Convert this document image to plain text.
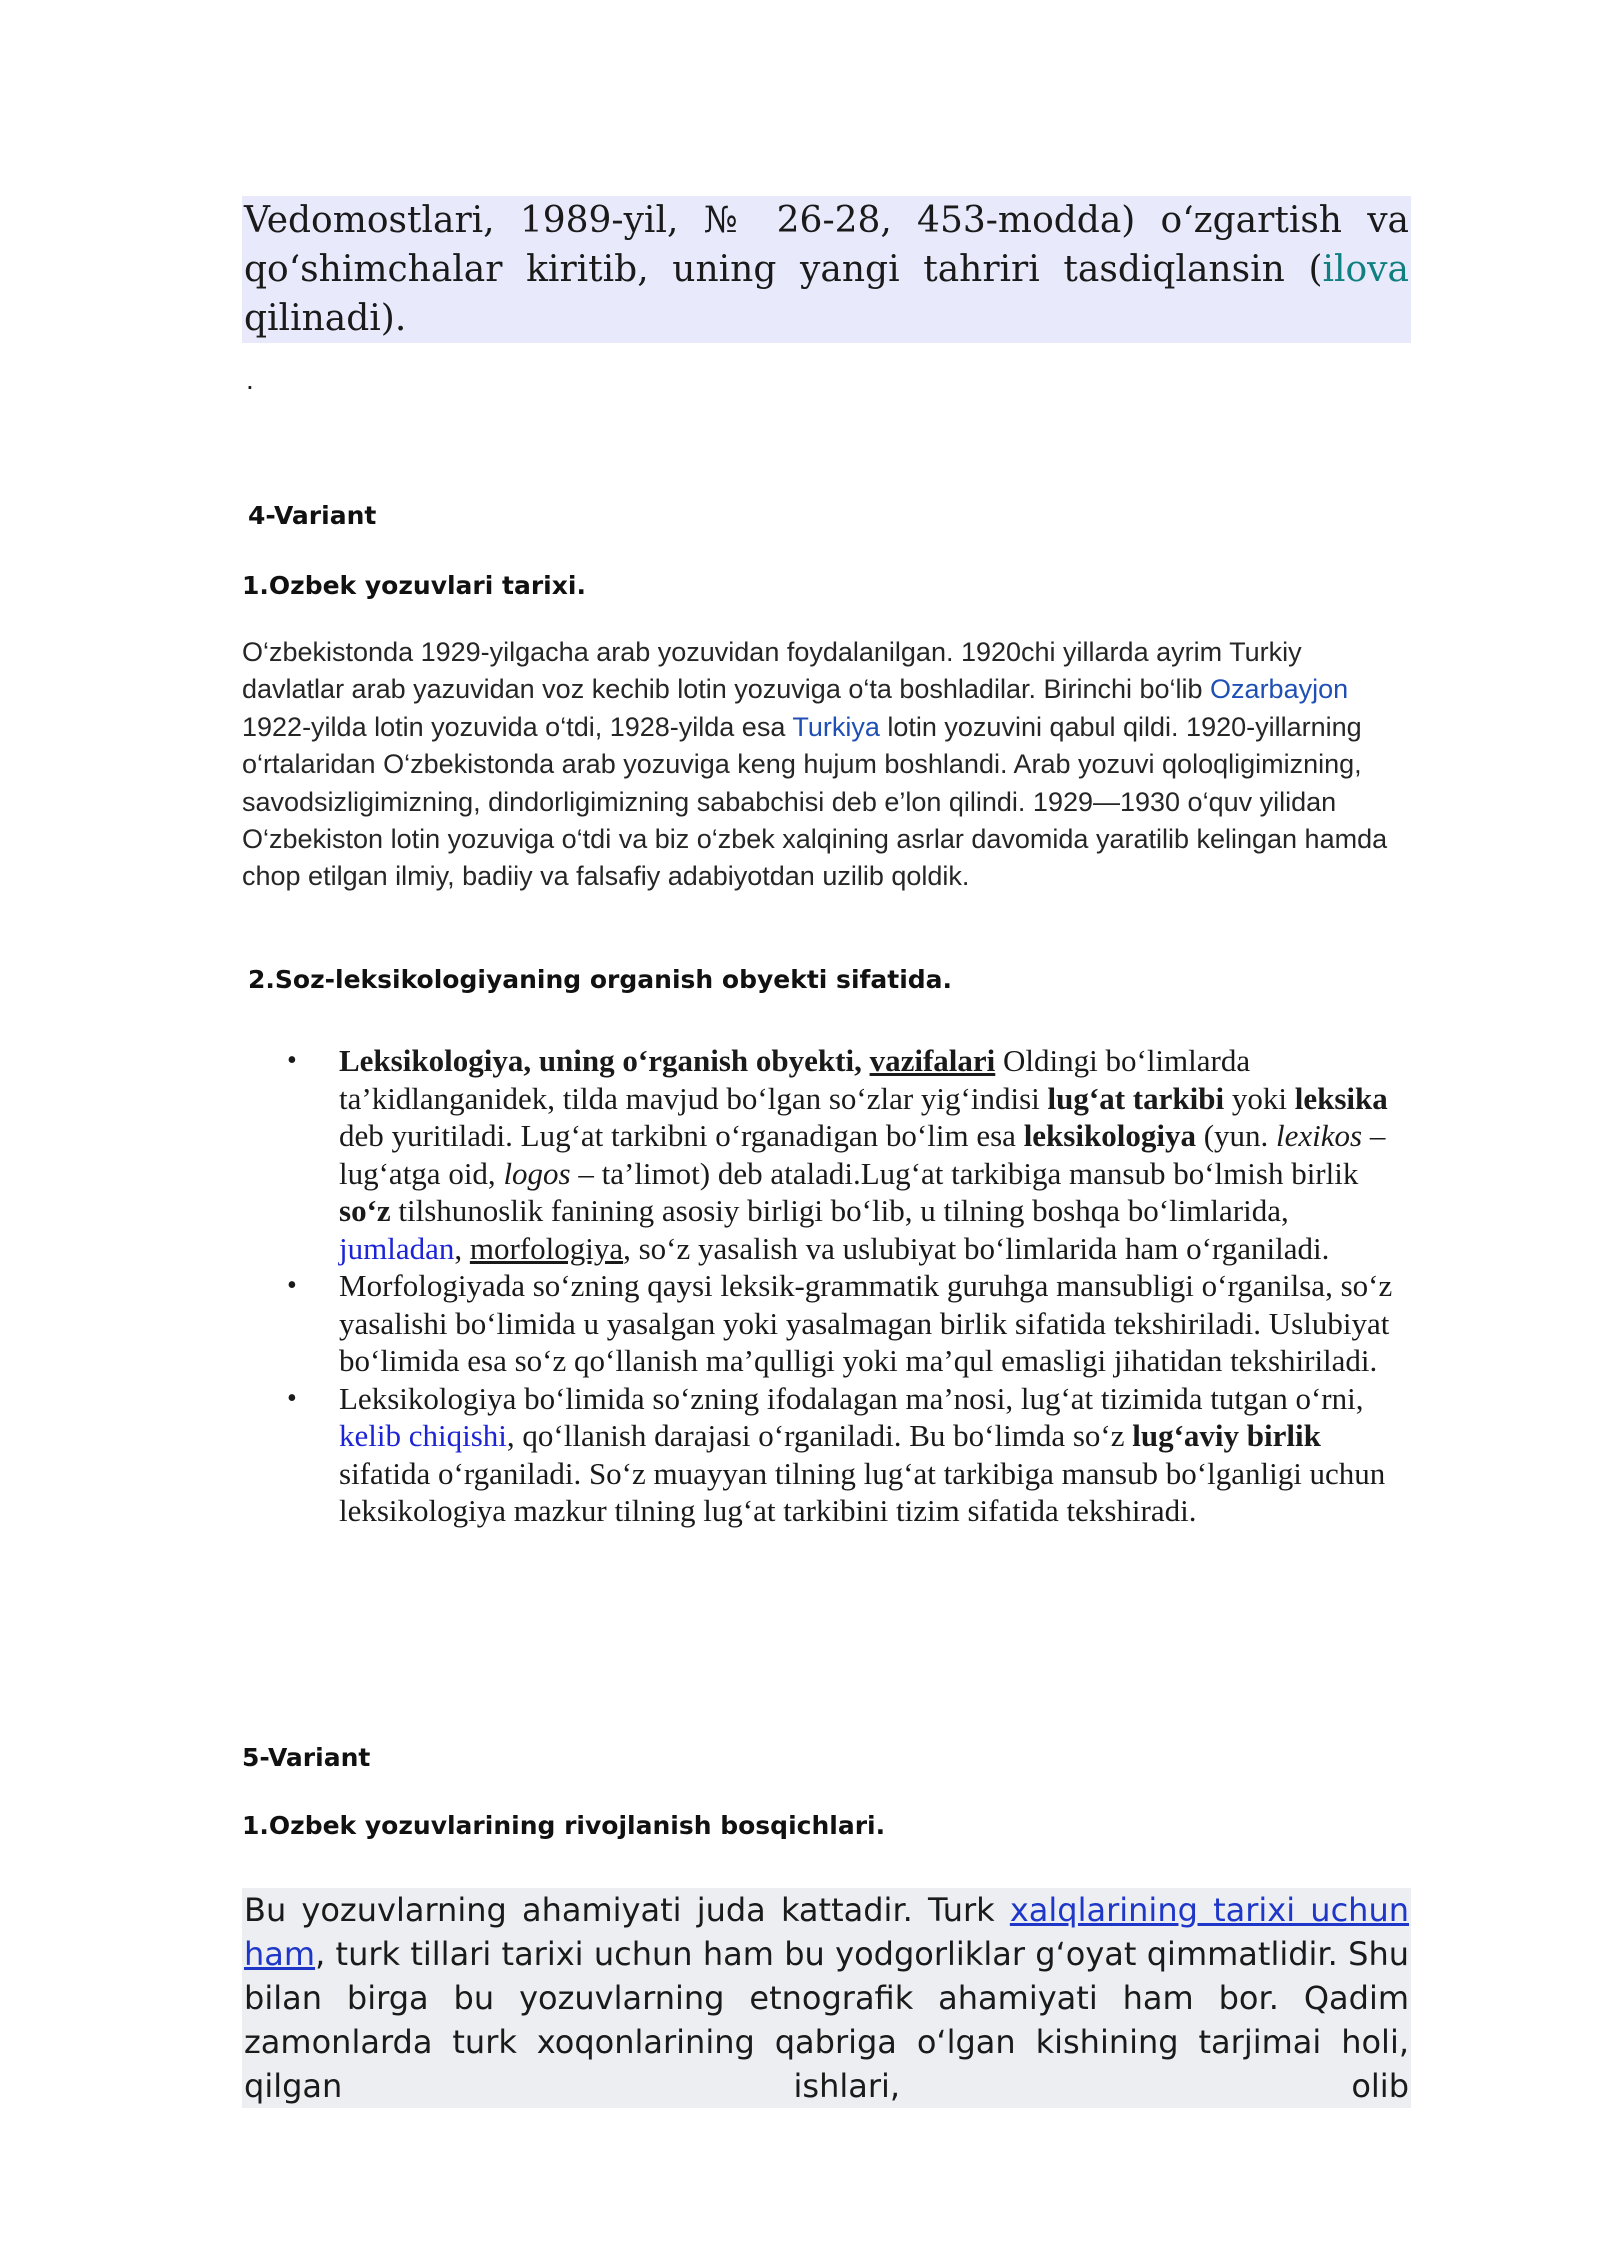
Vedomostlari, 1989-yil, № 26-28, 453-modda) o‘zgartish va qo‘shimchalar kiritib, uning yangi tahriri tasdiqlansin (ilova qilinadi).
.
4-Variant
1.Ozbek yozuvlari tarixi.
O‘zbekistonda 1929-yilgacha arab yozuvidan foydalanilgan. 1920chi yillarda ayrim Turkiy davlatlar arab yazuvidan voz kechib lotin yozuviga o‘ta boshladilar. Birinchi bo‘lib Ozarbayjon 1922-yilda lotin yozuvida o‘tdi, 1928-yilda esa Turkiya lotin yozuvini qabul qildi. 1920-yillarning o‘rtalaridan O‘zbekistonda arab yozuviga keng hujum boshlandi. Arab yozuvi qoloqligimizning, savodsizligimizning, dindorligimizning sababchisi deb e’lon qilindi. 1929—1930 o‘quv yilidan O‘zbekiston lotin yozuviga o‘tdi va biz o‘zbek xalqining asrlar davomida yaratilib kelingan hamda chop etilgan ilmiy, badiiy va falsafiy adabiyotdan uzilib qoldik.
2.Soz-leksikologiyaning organish obyekti sifatida.
• Leksikologiya, uning o‘rganish obyekti, vazifalari Oldingi bo‘limlarda ta’kidlanganidek, tilda mavjud bo‘lgan so‘zlar yig‘indisi lug‘at tarkibi yoki leksika deb yuritiladi. Lug‘at tarkibni o‘rganadigan bo‘lim esa leksikologiya (yun. lexikos – lug‘atga oid, logos – ta’limot) deb ataladi.Lug‘at tarkibiga mansub bo‘lmish birlik so‘z tilshunoslik fanining asosiy birligi bo‘lib, u tilning boshqa bo‘limlarida, jumladan, morfologiya, so‘z yasalish va uslubiyat bo‘limlarida ham o‘rganiladi.
• Morfologiyada so‘zning qaysi leksik-grammatik guruhga mansubligi o‘rganilsa, so‘z yasalishi bo‘limida u yasalgan yoki yasalmagan birlik sifatida tekshiriladi. Uslubiyat bo‘limida esa so‘z qo‘llanish ma’qulligi yoki ma’qul emasligi jihatidan tekshiriladi.
• Leksikologiya bo‘limida so‘zning ifodalagan ma’nosi, lug‘at tizimida tutgan o‘rni, kelib chiqishi, qo‘llanish darajasi o‘rganiladi. Bu bo‘limda so‘z lug‘aviy birlik sifatida o‘rganiladi. So‘z muayyan tilning lug‘at tarkibiga mansub bo‘lganligi uchun leksikologiya mazkur tilning lug‘at tarkibini tizim sifatida tekshiradi.
5-Variant
1.Ozbek yozuvlarining rivojlanish bosqichlari.
Bu yozuvlarning ahamiyati juda kattadir. Turk xalqlarining tarixi uchun ham, turk tillari tarixi uchun ham bu yodgorliklar g‘oyat qimmatlidir. Shu bilan birga bu yozuvlarning etnografik ahamiyati ham bor. Qadim zamonlarda turk xoqonlarining qabriga o‘lgan kishining tarjimai holi, qilgan ishlari, olib
